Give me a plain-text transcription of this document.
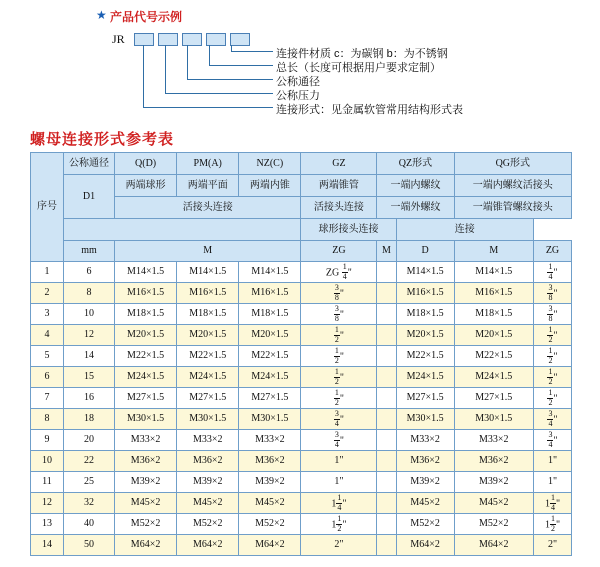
★ 产品代号示例
JR
连接件材质 c：为碳钢 b：为不锈钢
总长（长度可根据用户要求定制）
公称通径
公称压力
连接形式：见金属软管常用结构形式表
螺母连接形式参考表
序号	公称通径	Q(D)	PM(A)	NZ(C)	GZ	QZ形式		QG形式	
	D1	两端球形	两端平面	两端内锥	两端锥管	一端内螺纹		一端内螺纹活接头	
		活接头连接			活接头连接	一端外螺纹		一端锥管螺纹接头	
					球形接头连接		连接		
	mm	M			ZG	M	D	M	ZG
1	6	M14×1.5	M14×1.5	M14×1.5	ZG $\frac{1}{4}$ "		M14×1.5	M14×1.5	$\frac{1}{4}$ "
2	8	M16×1.5	M16×1.5	M16×1.5	$\frac{3}{8}$ "		M16×1.5	M16×1.5	$\frac{3}{8}$ "
3	10	M18×1.5	M18×1.5	M18×1.5	$\frac{3}{8}$ "		M18×1.5	M18×1.5	$\frac{3}{8}$ "
4	12	M20×1.5	M20×1.5	M20×1.5	$\frac{1}{2}$ "		M20×1.5	M20×1.5	$\frac{1}{2}$ "
5	14	M22×1.5	M22×1.5	M22×1.5	$\frac{1}{2}$ "		M22×1.5	M22×1.5	$\frac{1}{2}$ "
6	15	M24×1.5	M24×1.5	M24×1.5	$\frac{1}{2}$ "		M24×1.5	M24×1.5	$\frac{1}{2}$ "
7	16	M27×1.5	M27×1.5	M27×1.5	$\frac{1}{2}$ "		M27×1.5	M27×1.5	$\frac{1}{2}$ "
8	18	M30×1.5	M30×1.5	M30×1.5	$\frac{3}{4}$ "		M30×1.5	M30×1.5	$\frac{3}{4}$ "
9	20	M33×2	M33×2	M33×2	$\frac{3}{4}$ "		M33×2	M33×2	$\frac{3}{4}$ "
10	22	M36×2	M36×2	M36×2	1"		M36×2	M36×2	1"
11	25	M39×2	M39×2	M39×2	1"		M39×2	M39×2	1"
12	32	M45×2	M45×2	M45×2	$1 \frac{1}{4}$ "		M45×2	M45×2	$1 \frac{1}{4}$ "
13	40	M52×2	M52×2	M52×2	$1 \frac{1}{2}$ "		M52×2	M52×2	$1 \frac{1}{2}$ "
14	50	M64×2	M64×2	M64×2	2"		M64×2	M64×2	2"
